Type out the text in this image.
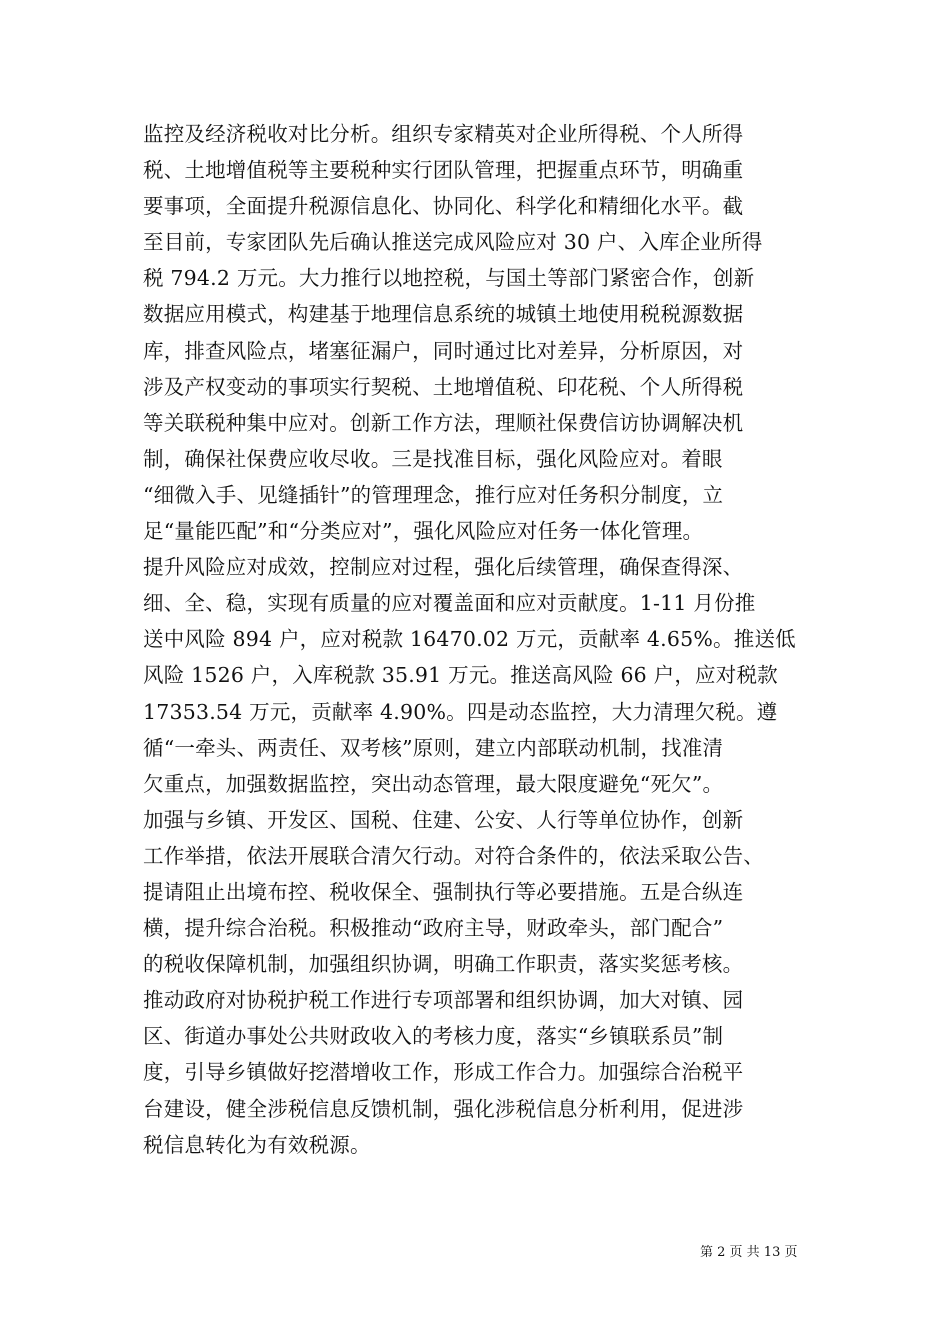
监控及经济税收对比分析。组织专家精英对企业所得税、个人所得
税、土地增值税等主要税种实行团队管理，把握重点环节，明确重
要事项，全面提升税源信息化、协同化、科学化和精细化水平。截
至目前，专家团队先后确认推送完成风险应对 30 户、入库企业所得
税 794.2 万元。大力推行以地控税，与国土等部门紧密合作，创新
数据应用模式，构建基于地理信息系统的城镇土地使用税税源数据
库，排查风险点，堵塞征漏户，同时通过比对差异，分析原因，对
涉及产权变动的事项实行契税、土地增值税、印花税、个人所得税
等关联税种集中应对。创新工作方法，理顺社保费信访协调解决机
制，确保社保费应收尽收。三是找准目标，强化风险应对。着眼
“细微入手、见缝插针”的管理理念，推行应对任务积分制度，立
足“量能匹配”和“分类应对”，强化风险应对任务一体化管理。
提升风险应对成效，控制应对过程，强化后续管理，确保查得深、
细、全、稳，实现有质量的应对覆盖面和应对贡献度。1-11 月份推
送中风险 894 户，应对税款 16470.02 万元，贡献率 4.65%。推送低
风险 1526 户，入库税款 35.91 万元。推送高风险 66 户，应对税款
17353.54 万元，贡献率 4.90%。四是动态监控，大力清理欠税。遵
循“一牵头、两责任、双考核”原则，建立内部联动机制，找准清
欠重点，加强数据监控，突出动态管理，最大限度避免“死欠”。
加强与乡镇、开发区、国税、住建、公安、人行等单位协作，创新
工作举措，依法开展联合清欠行动。对符合条件的，依法采取公告、
提请阻止出境布控、税收保全、强制执行等必要措施。五是合纵连
横，提升综合治税。积极推动“政府主导，财政牵头，部门配合”
的税收保障机制，加强组织协调，明确工作职责，落实奖惩考核。
推动政府对协税护税工作进行专项部署和组织协调，加大对镇、园
区、街道办事处公共财政收入的考核力度，落实“乡镇联系员”制
度，引导乡镇做好挖潜增收工作，形成工作合力。加强综合治税平
台建设，健全涉税信息反馈机制，强化涉税信息分析利用，促进涉
税信息转化为有效税源。
第 2 页 共 13 页
